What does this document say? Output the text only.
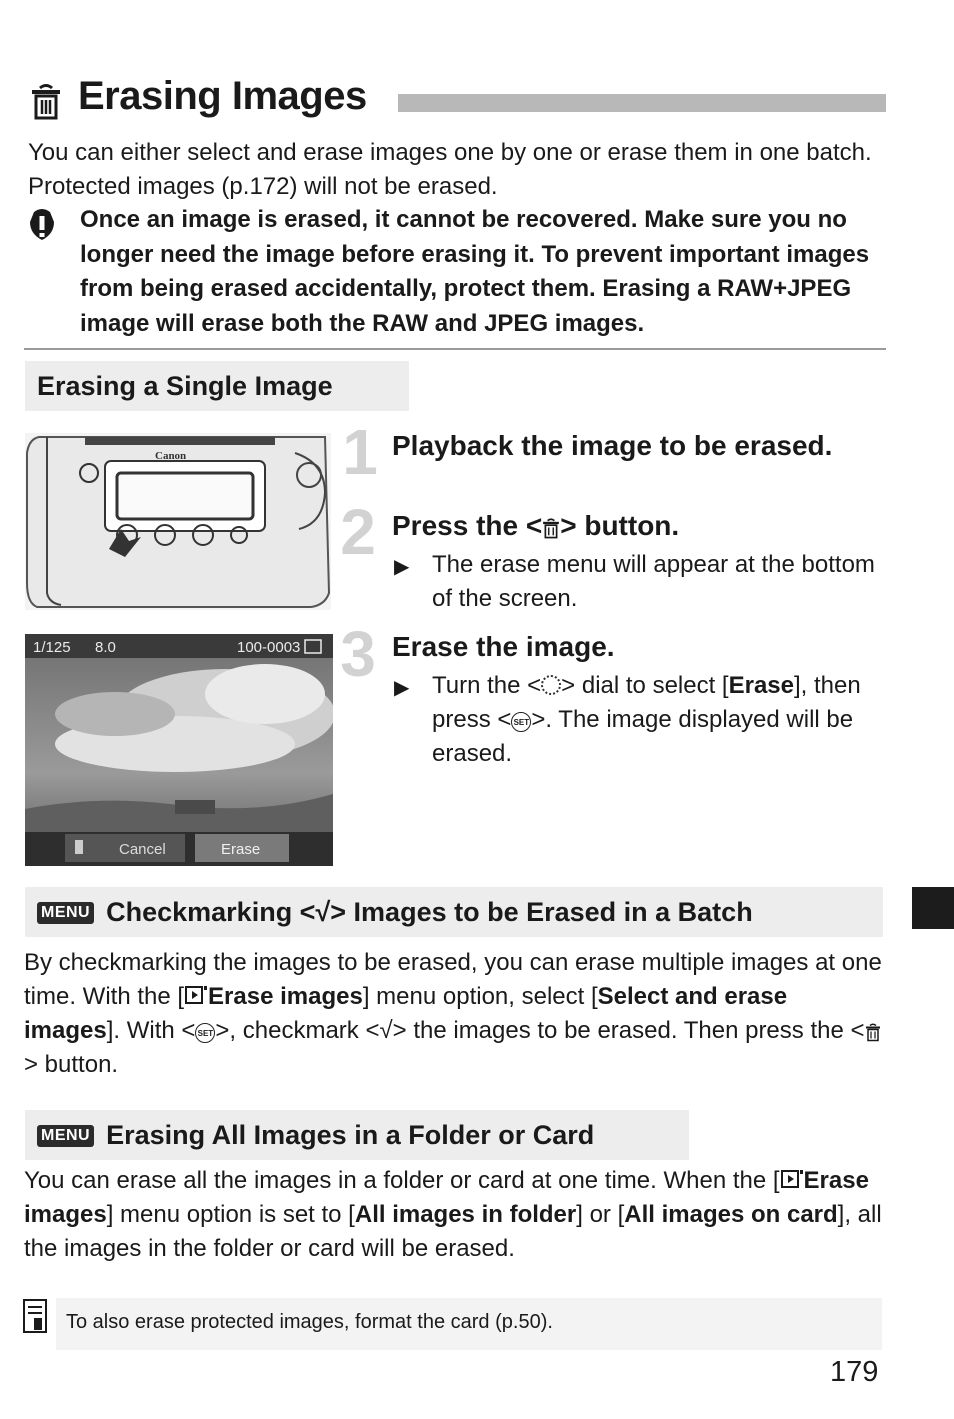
Erasing Images
You can either select and erase images one by one or erase them in one batch. Protected images (p.172) will not be erased.
Once an image is erased, it cannot be recovered. Make sure you no longer need the image before erasing it. To prevent important images from being erased accidentally, protect them. Erasing a RAW+JPEG image will erase both the RAW and JPEG images.
Erasing a Single Image
Canon
1/125 8.0	100-0003
Cancel	Erase
1 Playback the image to be erased.
2 Press the < > button.
▶ The erase menu will appear at the bottom of the screen.
3 Erase the image.
▶ Turn the < > dial to select [Erase], then press < SET>. The image displayed will be erased.
MENU Checkmarking <√> Images to be Erased in a Batch
By checkmarking the images to be erased, you can erase multiple images at one time. With the [ Erase images] menu option, select [Select and erase images]. With < SET>, checkmark <√> the images to be erased. Then press the <> button.
MENU Erasing All Images in a Folder or Card
You can erase all the images in a folder or card at one time. When the [ Erase images] menu option is set to [All images in folder] or [All images on card], all the images in the folder or card will be erased.
To also erase protected images, format the card (p.50).
179
